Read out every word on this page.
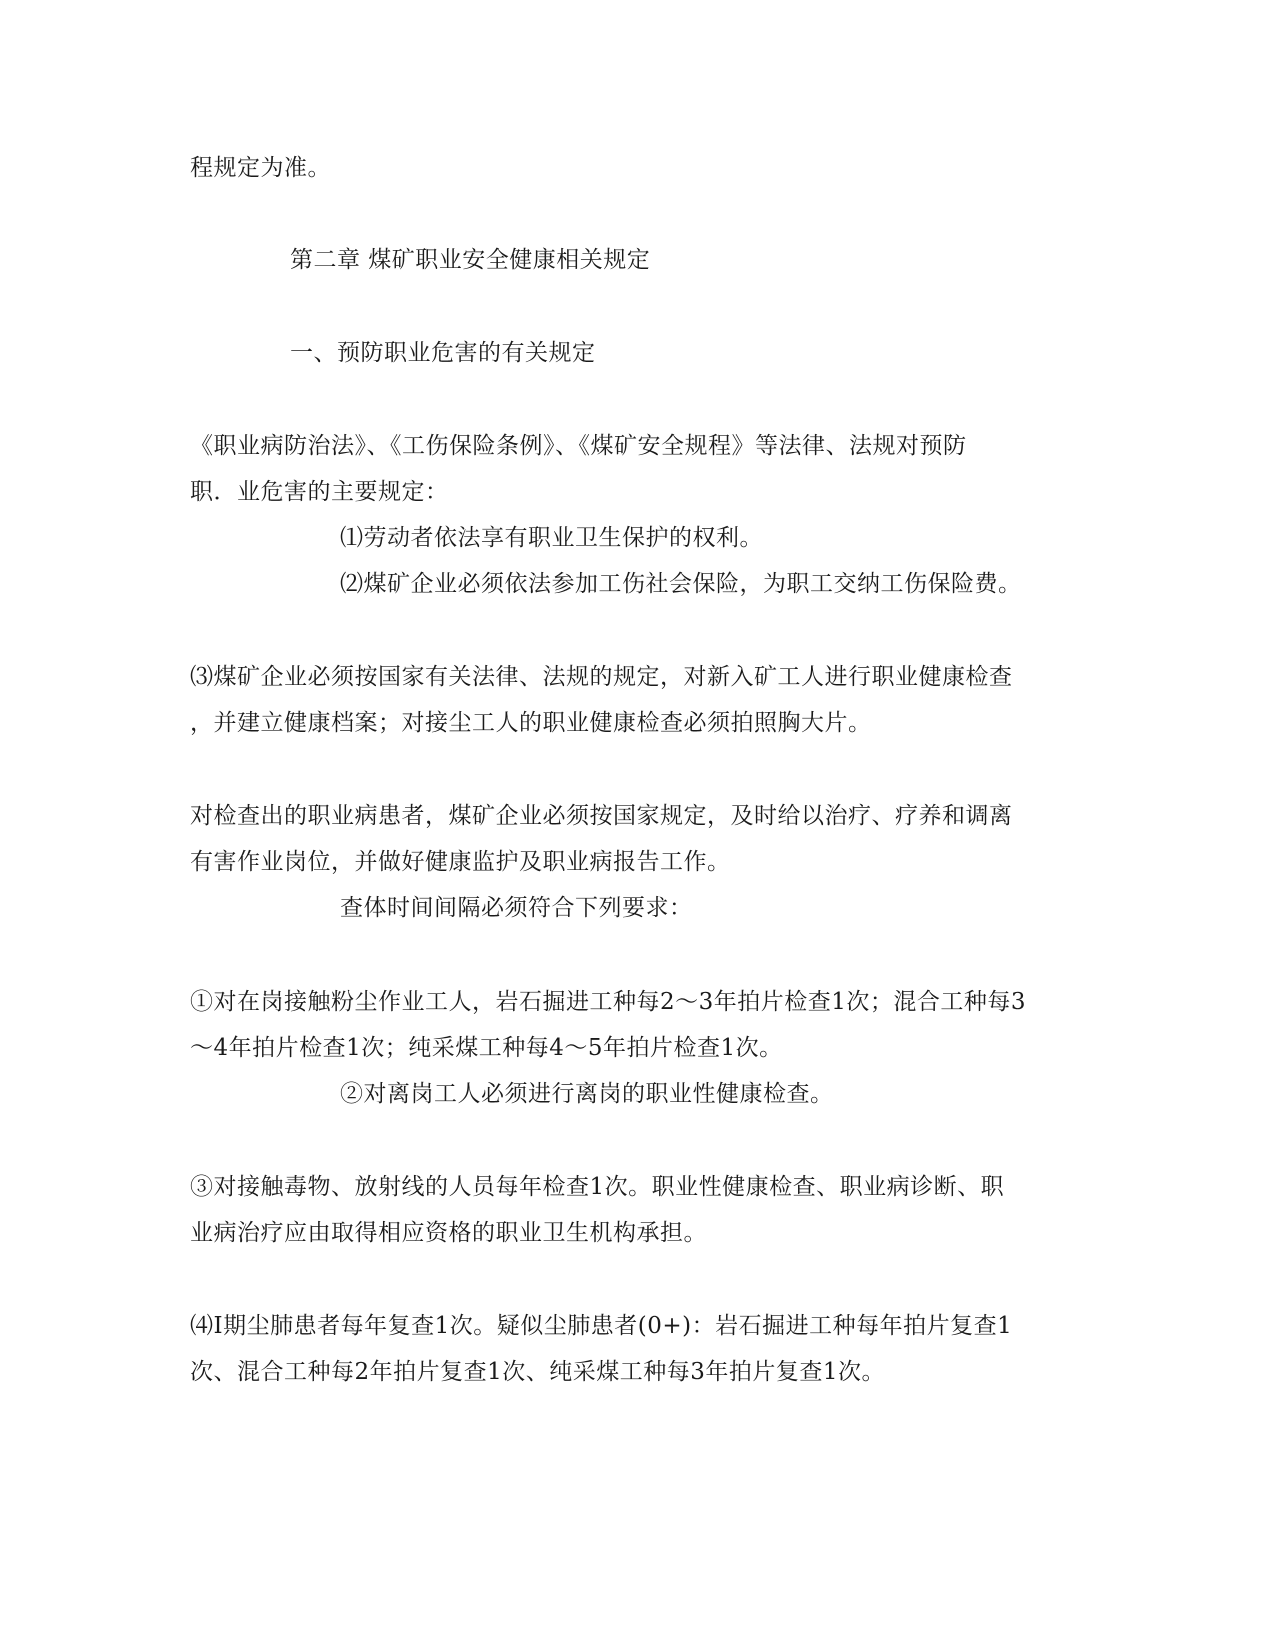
程规定为准。
第二章 煤矿职业安全健康相关规定
一、预防职业危害的有关规定
《职业病防治法》、《工伤保险条例》、《煤矿安全规程》等法律、法规对预防
职．业危害的主要规定：
⑴劳动者依法享有职业卫生保护的权利。
⑵煤矿企业必须依法参加工伤社会保险，为职工交纳工伤保险费。
⑶煤矿企业必须按国家有关法律、法规的规定，对新入矿工人进行职业健康检查
，并建立健康档案；对接尘工人的职业健康检查必须拍照胸大片。
对检查出的职业病患者，煤矿企业必须按国家规定，及时给以治疗、疗养和调离
有害作业岗位，并做好健康监护及职业病报告工作。
查体时间间隔必须符合下列要求：
①对在岗接触粉尘作业工人，岩石掘进工种每2～3年拍片检查1次；混合工种每3
～4年拍片检查1次；纯采煤工种每4～5年拍片检查1次。
②对离岗工人必须进行离岗的职业性健康检查。
③对接触毒物、放射线的人员每年检查1次。职业性健康检查、职业病诊断、职
业病治疗应由取得相应资格的职业卫生机构承担。
⑷I期尘肺患者每年复查1次。疑似尘肺患者(0+)：岩石掘进工种每年拍片复查1
次、混合工种每2年拍片复查1次、纯采煤工种每3年拍片复查1次。
